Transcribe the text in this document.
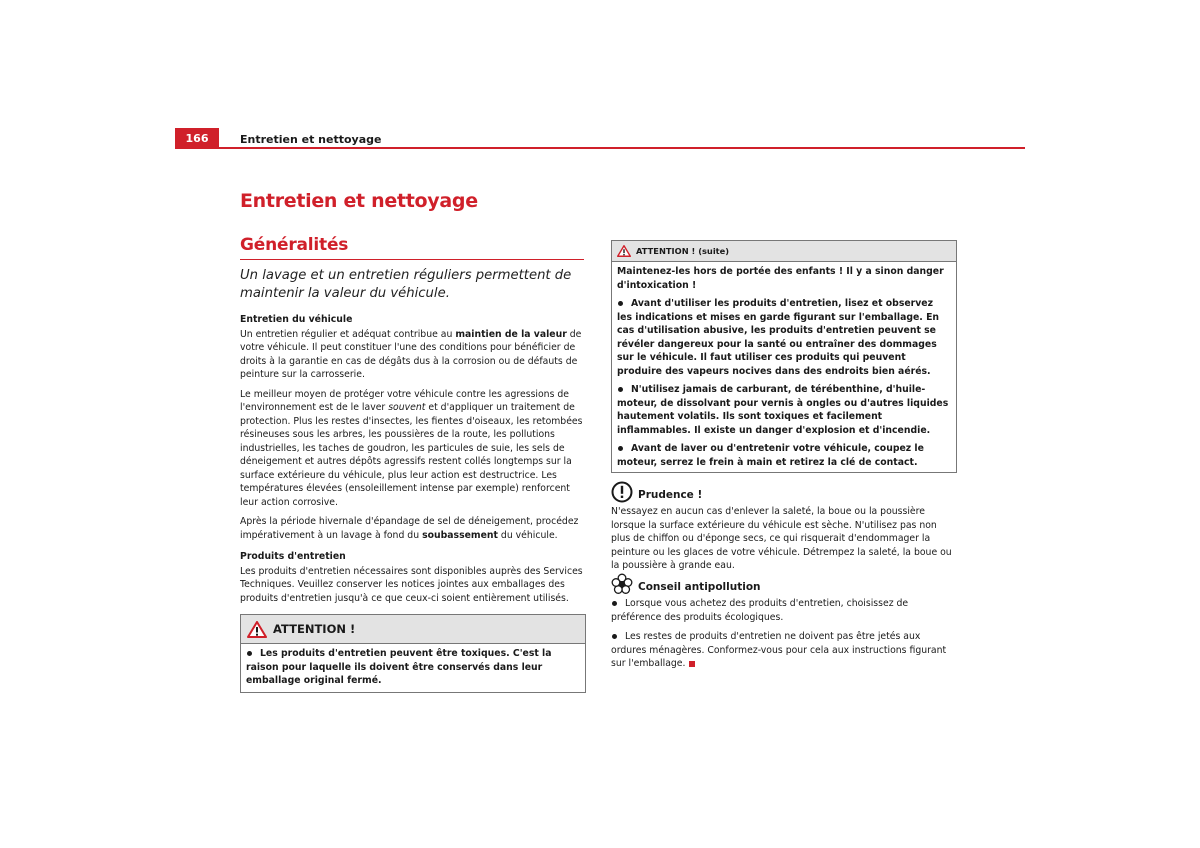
166	Entretien et nettoyage
Entretien et nettoyage
Généralités
Un lavage et un entretien réguliers permettent de maintenir la valeur du véhicule.

Entretien du véhicule

Un entretien régulier et adéquat contribue au maintien de la valeur de votre véhicule. Il peut constituer l'une des conditions pour bénéficier de droits à la garantie en cas de dégâts dus à la corrosion ou de défauts de peinture sur la carrosserie.

Le meilleur moyen de protéger votre véhicule contre les agressions de l'environnement est de le laver souvent et d'appliquer un traitement de protection. Plus les restes d'insectes, les fientes d'oiseaux, les retombées résineuses sous les arbres, les poussières de la route, les pollutions industrielles, les taches de goudron, les particules de suie, les sels de déneigement et autres dépôts agressifs restent collés longtemps sur la surface extérieure du véhicule, plus leur action est destructrice. Les températures élevées (ensoleillement intense par exemple) renforcent leur action corrosive.

Après la période hivernale d'épandage de sel de déneigement, procédez impérativement à un lavage à fond du soubassement du véhicule.

Produits d'entretien

Les produits d'entretien nécessaires sont disponibles auprès des Services Techniques. Veuillez conserver les notices jointes aux emballages des produits d'entretien jusqu'à ce que ceux-ci soient entièrement utilisés.

ATTENTION !
Les produits d'entretien peuvent être toxiques. C'est la raison pour laquelle ils doivent être conservés dans leur emballage original fermé.
ATTENTION ! (suite)

Maintenez-les hors de portée des enfants ! Il y a sinon danger d'intoxication !

Avant d'utiliser les produits d'entretien, lisez et observez les indications et mises en garde figurant sur l'emballage. En cas d'utilisation abusive, les produits d'entretien peuvent se révéler dangereux pour la santé ou entraîner des dommages sur le véhicule. Il faut utiliser ces produits qui peuvent produire des vapeurs nocives dans des endroits bien aérés.

N'utilisez jamais de carburant, de térébenthine, d'huile-moteur, de dissolvant pour vernis à ongles ou d'autres liquides hautement volatils. Ils sont toxiques et facilement inflammables. Il existe un danger d'explosion et d'incendie.

Avant de laver ou d'entretenir votre véhicule, coupez le moteur, serrez le frein à main et retirez la clé de contact.

Prudence !

N'essayez en aucun cas d'enlever la saleté, la boue ou la poussière lorsque la surface extérieure du véhicule est sèche. N'utilisez pas non plus de chiffon ou d'éponge secs, ce qui risquerait d'endommager la peinture ou les glaces de votre véhicule. Détrempez la saleté, la boue ou la poussière à grande eau.

Conseil antipollution

Lorsque vous achetez des produits d'entretien, choisissez de préférence des produits écologiques.

Les restes de produits d'entretien ne doivent pas être jetés aux ordures ménagères. Conformez-vous pour cela aux instructions figurant sur l'emballage.
